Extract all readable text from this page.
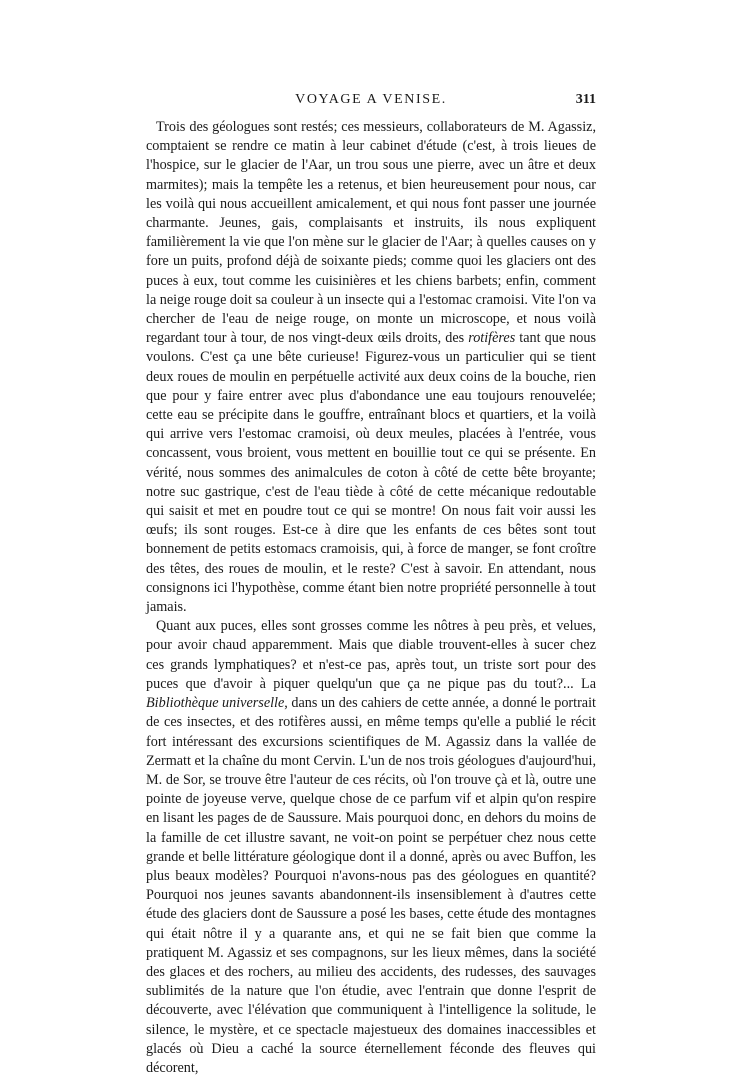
VOYAGE A VENISE.	311

Trois des géologues sont restés; ces messieurs, collaborateurs de M. Agassiz, comptaient se rendre ce matin à leur cabinet d'étude (c'est, à trois lieues de l'hospice, sur le glacier de l'Aar, un trou sous une pierre, avec un âtre et deux marmites); mais la tempête les a retenus, et bien heureusement pour nous, car les voilà qui nous accueillent amicalement, et qui nous font passer une journée charmante. Jeunes, gais, complaisants et instruits, ils nous expliquent familièrement la vie que l'on mène sur le glacier de l'Aar; à quelles causes on y fore un puits, profond déjà de soixante pieds; comme quoi les glaciers ont des puces à eux, tout comme les cuisinières et les chiens barbets; enfin, comment la neige rouge doit sa couleur à un insecte qui a l'estomac cramoisi. Vite l'on va chercher de l'eau de neige rouge, on monte un microscope, et nous voilà regardant tour à tour, de nos vingt-deux œils droits, des rotifères tant que nous voulons. C'est ça une bête curieuse! Figurez-vous un particulier qui se tient deux roues de moulin en perpétuelle activité aux deux coins de la bouche, rien que pour y faire entrer avec plus d'abondance une eau toujours renouvelée; cette eau se précipite dans le gouffre, entraînant blocs et quartiers, et la voilà qui arrive vers l'estomac cramoisi, où deux meules, placées à l'entrée, vous concassent, vous broient, vous mettent en bouillie tout ce qui se présente. En vérité, nous sommes des animalcules de coton à côté de cette bête broyante; notre suc gastrique, c'est de l'eau tiède à côté de cette mécanique redoutable qui saisit et met en poudre tout ce qui se montre! On nous fait voir aussi les œufs; ils sont rouges. Est-ce à dire que les enfants de ces bêtes sont tout bonnement de petits estomacs cramoisis, qui, à force de manger, se font croître des têtes, des roues de moulin, et le reste? C'est à savoir. En attendant, nous consignons ici l'hypothèse, comme étant bien notre propriété personnelle à tout jamais.

Quant aux puces, elles sont grosses comme les nôtres à peu près, et velues, pour avoir chaud apparemment. Mais que diable trouvent-elles à sucer chez ces grands lymphatiques? et n'est-ce pas, après tout, un triste sort pour des puces que d'avoir à piquer quelqu'un que ça ne pique pas du tout?... La Bibliothèque universelle, dans un des cahiers de cette année, a donné le portrait de ces insectes, et des rotifères aussi, en même temps qu'elle a publié le récit fort intéressant des excursions scientifiques de M. Agassiz dans la vallée de Zermatt et la chaîne du mont Cervin. L'un de nos trois géologues d'aujourd'hui, M. de Sor, se trouve être l'auteur de ces récits, où l'on trouve çà et là, outre une pointe de joyeuse verve, quelque chose de ce parfum vif et alpin qu'on respire en lisant les pages de de Saussure. Mais pourquoi donc, en dehors du moins de la famille de cet illustre savant, ne voit-on point se perpétuer chez nous cette grande et belle littérature géologique dont il a donné, après ou avec Buffon, les plus beaux modèles? Pourquoi n'avons-nous pas des géologues en quantité? Pourquoi nos jeunes savants abandonnent-ils insensiblement à d'autres cette étude des glaciers dont de Saussure a posé les bases, cette étude des montagnes qui était nôtre il y a quarante ans, et qui ne se fait bien que comme la pratiquent M. Agassiz et ses compagnons, sur les lieux mêmes, dans la société des glaces et des rochers, au milieu des accidents, des rudesses, des sauvages sublimités de la nature que l'on étudie, avec l'entrain que donne l'esprit de découverte, avec l'élévation que communiquent à l'intelligence la solitude, le silence, le mystère, et ce spectacle majestueux des domaines inaccessibles et glacés où Dieu a caché la source éternellement féconde des fleuves qui décorent,
